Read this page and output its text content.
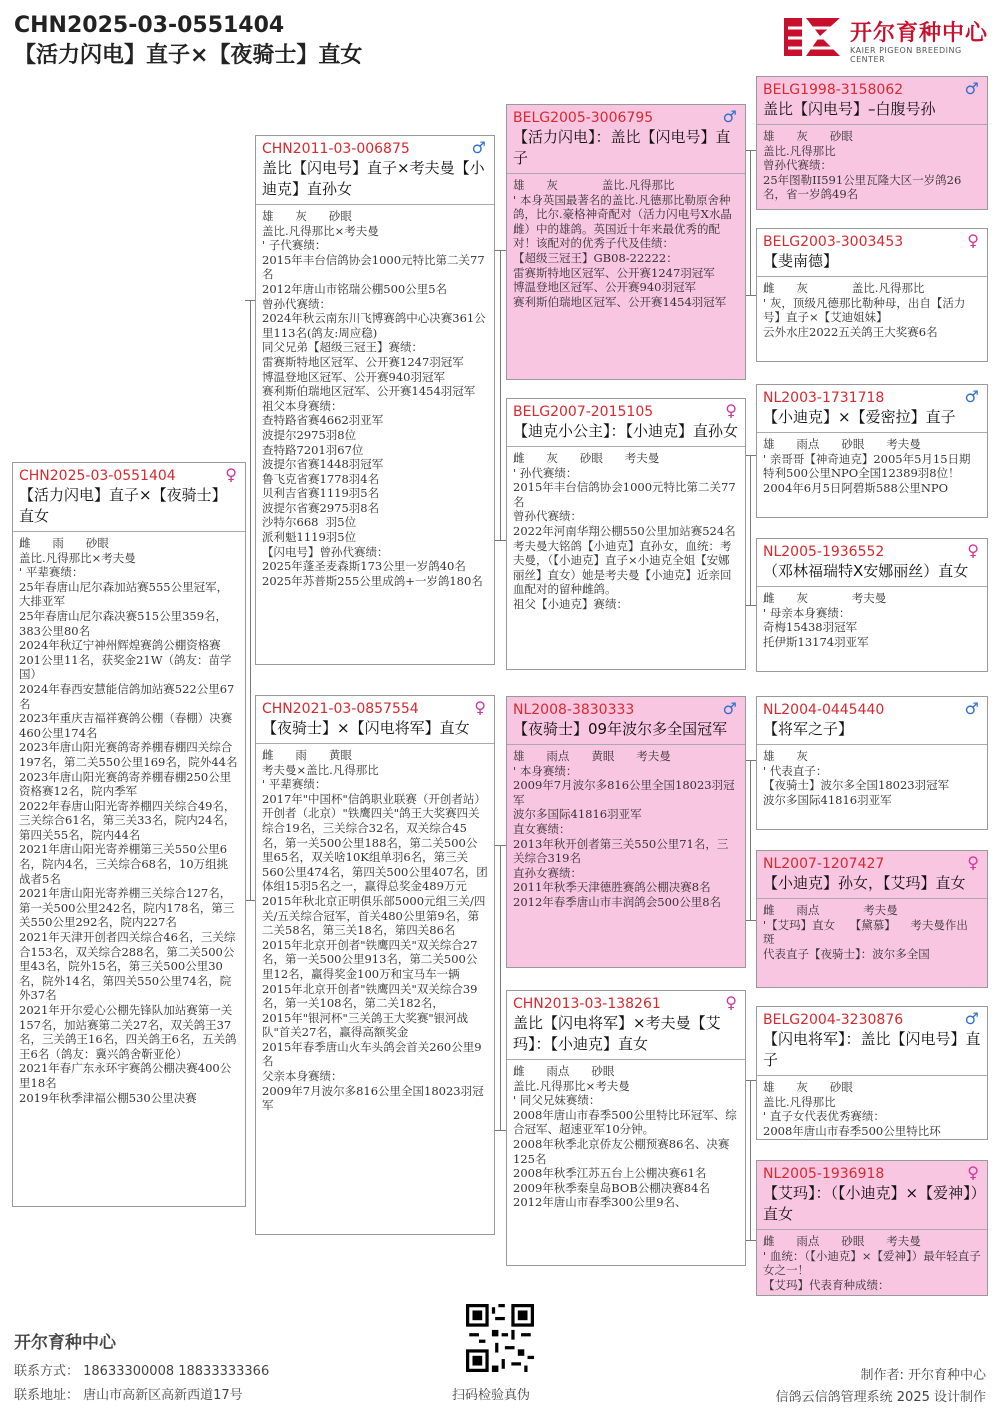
CHN2025-03-0551404
【活力闪电】直子×【夜骑士】直女
开尔育种中心
KAIER PIGEON BREEDING CENTER
CHN2025-03-0551404	♀
【活力闪电】直子×【夜骑士】直女
雌      雨      砂眼
盖比.凡得那比×考夫曼
' 平辈赛绩：
25年春唐山尼尔森加站赛555公里冠军，大排亚军
25年春唐山尼尔森决赛515公里359名，383公里80名
2024年秋辽宁神州辉煌赛鸽公棚资格赛201公里11名，获奖金21W（鸽友：苗学国）
2024年春西安慧能信鸽加站赛522公里67名
2023年重庆吉福祥赛鸽公棚（春棚）决赛460公里174名
2023年唐山阳光赛鸽寄养棚春棚四关综合197名，第二关550公里169名，院外44名
2023年唐山阳光赛鸽寄养棚春棚250公里资格赛12名，院内季军
2022年春唐山阳光寄养棚四关综合49名，三关综合61名，第三关33名，院内24名，第四关55名，院内44名
2021年唐山阳光寄养棚第三关550公里6名，院内4名，三关综合68名，10万组挑战者5名
2021年唐山阳光寄养棚三关综合127名，第一关500公里242名，院内178名，第三关550公里292名，院内227名
2021年天津开创者四关综合46名，三关综合153名，双关综合288名，第二关500公里43名，院外15名，第三关500公里30名，院外14名，第四关550公里74名，院外37名
2021年开尔爱心公棚先锋队加站赛第一关157名，加站赛第二关27名，双关鸽王37名，三关鸽王16名，四关鸽王6名，五关鸽王6名（鸽友：冀兴鸽舍靳亚伦）
2021年春广东永环宇赛鸽公棚决赛400公里18名
2019年秋季津福公棚530公里决赛
CHN2011-03-006875	♂
盖比【闪电号】直子×考夫曼【小迪克】直孙女
雄      灰      砂眼
盖比.凡得那比×考夫曼
' 子代赛绩：
2015年丰台信鸽协会1000元特比第二关77名
2012年唐山市铭瑞公棚500公里5名
曾孙代赛绩：
2024年秋云南东川飞博赛鸽中心决赛361公里113名(鸽友:周应稳)
同父兄弟【超级三冠王】赛绩：
雷赛斯特地区冠军、公开赛1247羽冠军
博温登地区冠军、公开赛940羽冠军
赛利斯伯瑞地区冠军、公开赛1454羽冠军
祖父本身赛绩：
查特路省赛4662羽亚军
波提尔2975羽8位
查特路7201羽67位
波提尔省赛1448羽冠军
鲁飞克省赛1778羽4名
贝利吉省赛1119羽5名
波提尔省赛2975羽8名
沙特尔668  羽5位
派利魁1119羽5位
【闪电号】曾孙代赛绩：
2025年蓬圣麦森斯173公里一岁鸽40名
2025年苏普斯255公里成鸽+一岁鸽180名
CHN2021-03-0857554	♀
【夜骑士】×【闪电将军】直女
雌      雨      黄眼
考夫曼×盖比.凡得那比
' 平辈赛绩：
2017年"中国杯"信鸽职业联赛（开创者站）开创者（北京）"铁鹰四关"鸽王大奖赛四关综合19名，三关综合32名，双关综合45名，第一关500公里188名，第二关500公里65名，双关啥10K组单羽6名，第三关560公里474名，第四关500公里407名，团体组15羽5名之一，赢得总奖金489万元
2015年秋北京正明俱乐部5000元组三关/四关/五关综合冠军，首关480公里第9名，第二关58名，第三关18名，第四关86名
2015年北京开创者"铁鹰四关"双关综合27名，第一关500公里913名，第二关500公里12名，赢得奖金100万和宝马车一辆
2015年北京开创者"铁鹰四关"双关综合39名，第一关108名，第二关182名，
2015年"银河杯"三关鸽王大奖赛"银河战队"首关27名，赢得高额奖金
2015年春季唐山火车头鸽会首关260公里9名
父亲本身赛绩：
2009年7月波尔多816公里全国18023羽冠军
BELG2005-3006795	♂
【活力闪电】：盖比【闪电号】直子
雄      灰            盖比.凡得那比
' 本身英国最著名的盖比.凡德那比勒原舍种鸽，比尔.豪格神奇配对（活力闪电号X水晶雌）中的雄鸽。英国近十年来最优秀的配对！该配对的优秀子代及佳绩：
【超级三冠王】GB08-22222：
雷赛斯特地区冠军、公开赛1247羽冠军
博温登地区冠军、公开赛940羽冠军
赛利斯伯瑞地区冠军、公开赛1454羽冠军
BELG2007-2015105	♀
【迪克小公主】：【小迪克】直孙女
雌      灰      砂眼      考夫曼
' 孙代赛绩：
2015年丰台信鸽协会1000元特比第二关77名
曾孙代赛绩：
2022年河南华翔公棚550公里加站赛524名
考夫曼大铭鸽【小迪克】直孙女，血统：考夫曼，（【小迪克】直子×小迪克全姐【安娜丽丝】直女）她是考夫曼【小迪克】近亲回血配对的留种雌鸽。
祖父【小迪克】赛绩：
NL2008-3830333	♂
【夜骑士】09年波尔多全国冠军
雄      雨点      黄眼      考夫曼
' 本身赛绩：
2009年7月波尔多816公里全国18023羽冠军
波尔多国际41816羽亚军
直女赛绩：
2013年秋开创者第三关550公里71名，三关综合319名
直孙女赛绩：
2011年秋季天津德胜赛鸽公棚决赛8名
2012年春季唐山市丰润鸽会500公里8名
CHN2013-03-138261	♀
盖比【闪电将军】×考夫曼【艾玛】：【小迪克】直女
雌      雨点      砂眼
盖比.凡得那比×考夫曼
' 同父兄妹赛绩：
2008年唐山市春季500公里特比环冠军、综合冠军、超速亚军10分钟。
2008年秋季北京侨友公棚预赛86名、决赛125名
2008年秋季江苏五台上公棚决赛61名
2009年秋季秦皇岛BOB公棚决赛84名
2012年唐山市春季300公里9名、
BELG1998-3158062	♂
盖比【闪电号】–白腹号孙
雄      灰      砂眼
盖比.凡得那比
曾孙代赛绩：
25年图勒II591公里瓦隆大区一岁鸽26名，省一岁鸽49名
BELG2003-3003453	♀
【斐南德】
雌      灰            盖比.凡得那比
' 灰，顶级凡德那比勒种母，出自【活力号】直子×【艾迪姐妹】
云外水庄2022五关鸽王大奖赛6名
NL2003-1731718	♂
【小迪克】×【爱密拉】直子
雄      雨点      砂眼      考夫曼
' 亲哥哥【神奇迪克】2005年5月15日期特利500公里NPO全国12389羽8位！
2004年6月5日阿碧斯588公里NPO
NL2005-1936552	♀
（邓林福瑞特X安娜丽丝）直女
雌      灰            考夫曼
' 母亲本身赛绩：
奇梅15438羽冠军
托伊斯13174羽亚军
NL2004-0445440	♂
【将军之子】
雄      灰
' 代表直子：
【夜骑士】波尔多全国18023羽冠军
波尔多国际41816羽亚军
NL2007-1207427	♀
【小迪克】孙女，【艾玛】直女
雌      雨点            考夫曼
'【艾玛】直女    【黛慕】    考夫曼作出    斑
代表直子【夜骑士】：波尔多全国
BELG2004-3230876	♂
【闪电将军】：盖比【闪电号】直子
雄      灰      砂眼
盖比.凡得那比
' 直子女代表优秀赛绩：
2008年唐山市春季500公里特比环
NL2005-1936918	♀
【艾玛】：（【小迪克】×【爱神】）直女
雌      雨点      砂眼      考夫曼
' 血统：（【小迪克】×【爱神】）最年轻直子女之一！
【艾玛】代表育种成绩：
开尔育种中心
联系方式： 18633300008 18833333366
联系地址： 唐山市高新区高新西道17号	扫码检验真伪
制作者: 开尔育种中心
信鸽云信鸽管理系统 2025 设计制作
